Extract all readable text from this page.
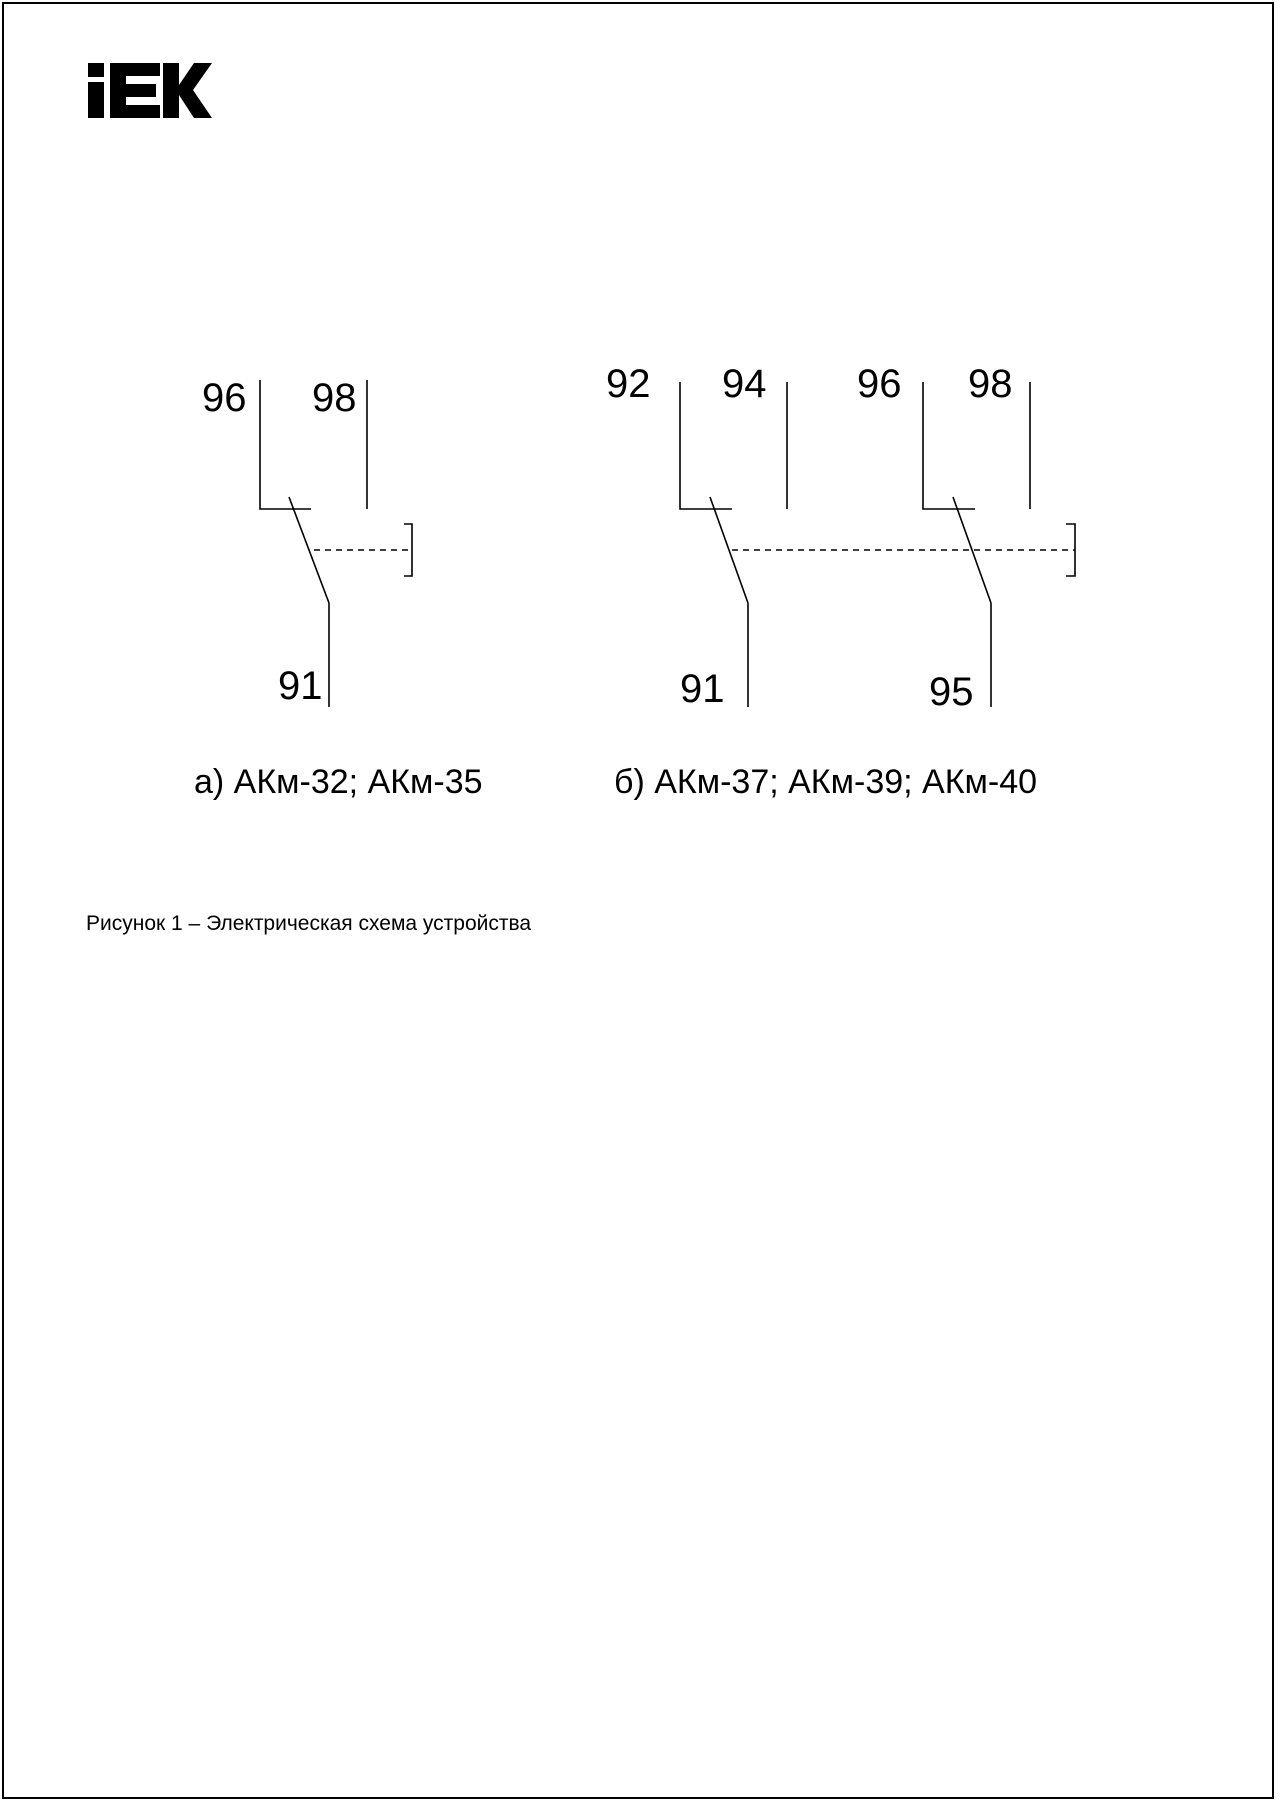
96 98
91
а) АКм-32; АКм-35
92 94 96 98
91	95
б) АКм-37; АКм-39; АКм-40
Рисунок 1 – Электрическая схема устройства
